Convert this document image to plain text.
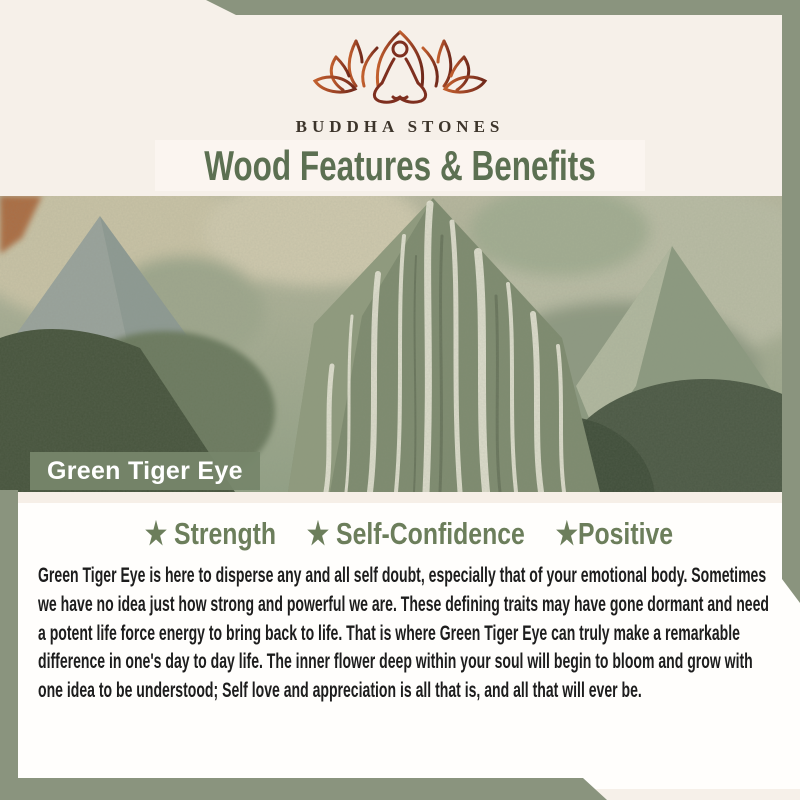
BUDDHA STONES
Wood Features & Benefits
Green Tiger Eye
★ Strength ★ Self-Confidence ★Positive

Green Tiger Eye is here to disperse any and all self doubt, especially that of your emotional body. Sometimes we have no idea just how strong and powerful we are. These defining traits may have gone dormant and need a potent life force energy to bring back to life. That is where Green Tiger Eye can truly make a remarkable difference in one's day to day life. The inner flower deep within your soul will begin to bloom and grow with one idea to be understood; Self love and appreciation is all that is, and all that will ever be.
